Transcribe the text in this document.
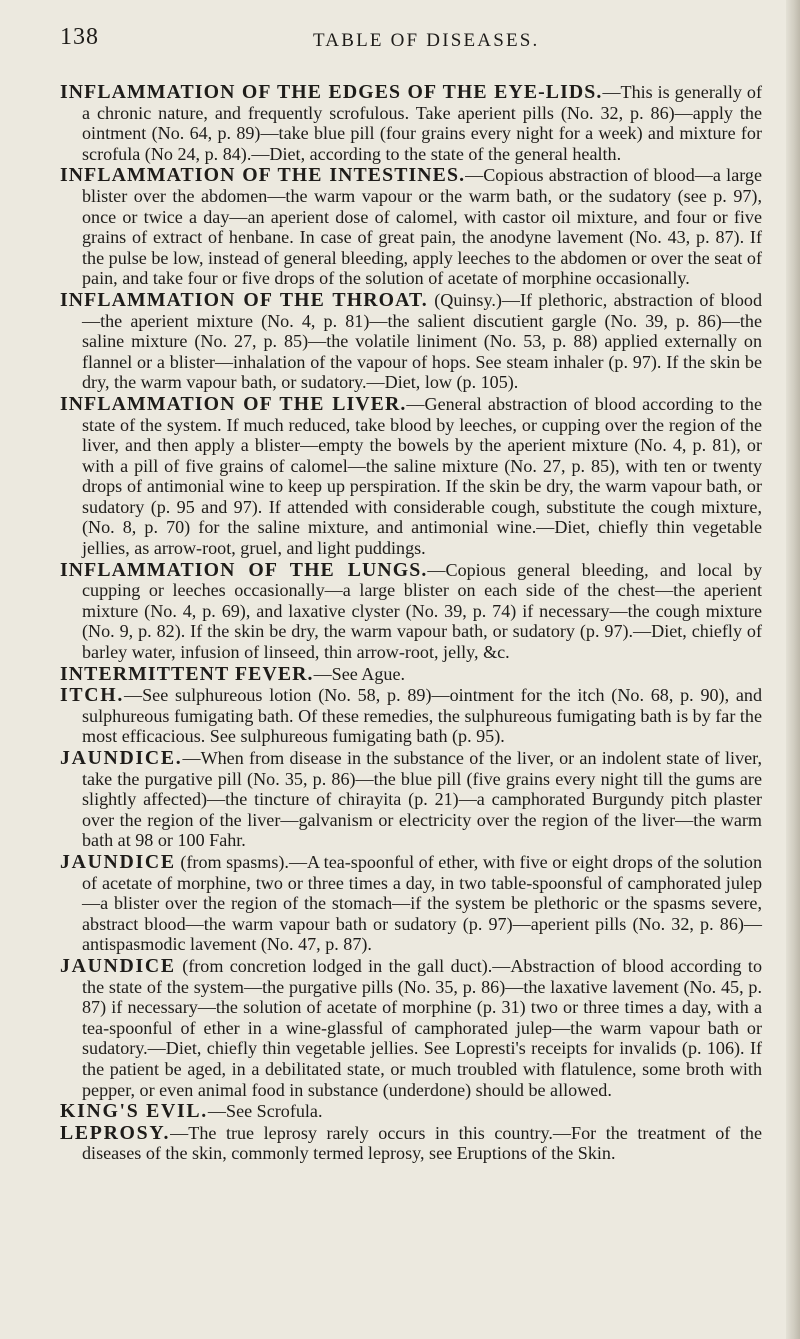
138	TABLE OF DISEASES.

INFLAMMATION OF THE EDGES OF THE EYE-LIDS.—This is generally of a chronic nature, and frequently scrofulous. Take aperient pills (No. 32, p. 86)—apply the ointment (No. 64, p. 89)—take blue pill (four grains every night for a week) and mixture for scrofula (No 24, p. 84).—Diet, according to the state of the general health.

INFLAMMATION OF THE INTESTINES.—Copious abstraction of blood—a large blister over the abdomen—the warm vapour or the warm bath, or the sudatory (see p. 97), once or twice a day—an aperient dose of calomel, with castor oil mixture, and four or five grains of extract of henbane. In case of great pain, the anodyne lavement (No. 43, p. 87). If the pulse be low, instead of general bleeding, apply leeches to the abdomen or over the seat of pain, and take four or five drops of the solution of acetate of morphine occasionally.

INFLAMMATION OF THE THROAT. (Quinsy.)—If plethoric, abstraction of blood—the aperient mixture (No. 4, p. 81)—the salient discutient gargle (No. 39, p. 86)—the saline mixture (No. 27, p. 85)—the volatile liniment (No. 53, p. 88) applied externally on flannel or a blister—inhalation of the vapour of hops. See steam inhaler (p. 97). If the skin be dry, the warm vapour bath, or sudatory.—Diet, low (p. 105).

INFLAMMATION OF THE LIVER.—General abstraction of blood according to the state of the system. If much reduced, take blood by leeches, or cupping over the region of the liver, and then apply a blister—empty the bowels by the aperient mixture (No. 4, p. 81), or with a pill of five grains of calomel—the saline mixture (No. 27, p. 85), with ten or twenty drops of antimonial wine to keep up perspiration. If the skin be dry, the warm vapour bath, or sudatory (p. 95 and 97). If attended with considerable cough, substitute the cough mixture, (No. 8, p. 70) for the saline mixture, and antimonial wine.—Diet, chiefly thin vegetable jellies, as arrow-root, gruel, and light puddings.

INFLAMMATION OF THE LUNGS.—Copious general bleeding, and local by cupping or leeches occasionally—a large blister on each side of the chest—the aperient mixture (No. 4, p. 69), and laxative clyster (No. 39, p. 74) if necessary—the cough mixture (No. 9, p. 82). If the skin be dry, the warm vapour bath, or sudatory (p. 97).—Diet, chiefly of barley water, infusion of linseed, thin arrow-root, jelly, &c.

INTERMITTENT FEVER.—See Ague.

ITCH.—See sulphureous lotion (No. 58, p. 89)—ointment for the itch (No. 68, p. 90), and sulphureous fumigating bath. Of these remedies, the sulphureous fumigating bath is by far the most efficacious. See sulphureous fumigating bath (p. 95).

JAUNDICE.—When from disease in the substance of the liver, or an indolent state of liver, take the purgative pill (No. 35, p. 86)—the blue pill (five grains every night till the gums are slightly affected)—the tincture of chirayita (p. 21)—a camphorated Burgundy pitch plaster over the region of the liver—galvanism or electricity over the region of the liver—the warm bath at 98 or 100 Fahr.

JAUNDICE (from spasms).—A tea-spoonful of ether, with five or eight drops of the solution of acetate of morphine, two or three times a day, in two table-spoonsful of camphorated julep—a blister over the region of the stomach—if the system be plethoric or the spasms severe, abstract blood—the warm vapour bath or sudatory (p. 97)—aperient pills (No. 32, p. 86)—antispasmodic lavement (No. 47, p. 87).

JAUNDICE (from concretion lodged in the gall duct).—Abstraction of blood according to the state of the system—the purgative pills (No. 35, p. 86)—the laxative lavement (No. 45, p. 87) if necessary—the solution of acetate of morphine (p. 31) two or three times a day, with a tea-spoonful of ether in a wine-glassful of camphorated julep—the warm vapour bath or sudatory.—Diet, chiefly thin vegetable jellies. See Lopresti's receipts for invalids (p. 106). If the patient be aged, in a debilitated state, or much troubled with flatulence, some broth with pepper, or even animal food in substance (underdone) should be allowed.

KING'S EVIL.—See Scrofula.

LEPROSY.—The true leprosy rarely occurs in this country.—For the treatment of the diseases of the skin, commonly termed leprosy, see Eruptions of the Skin.
